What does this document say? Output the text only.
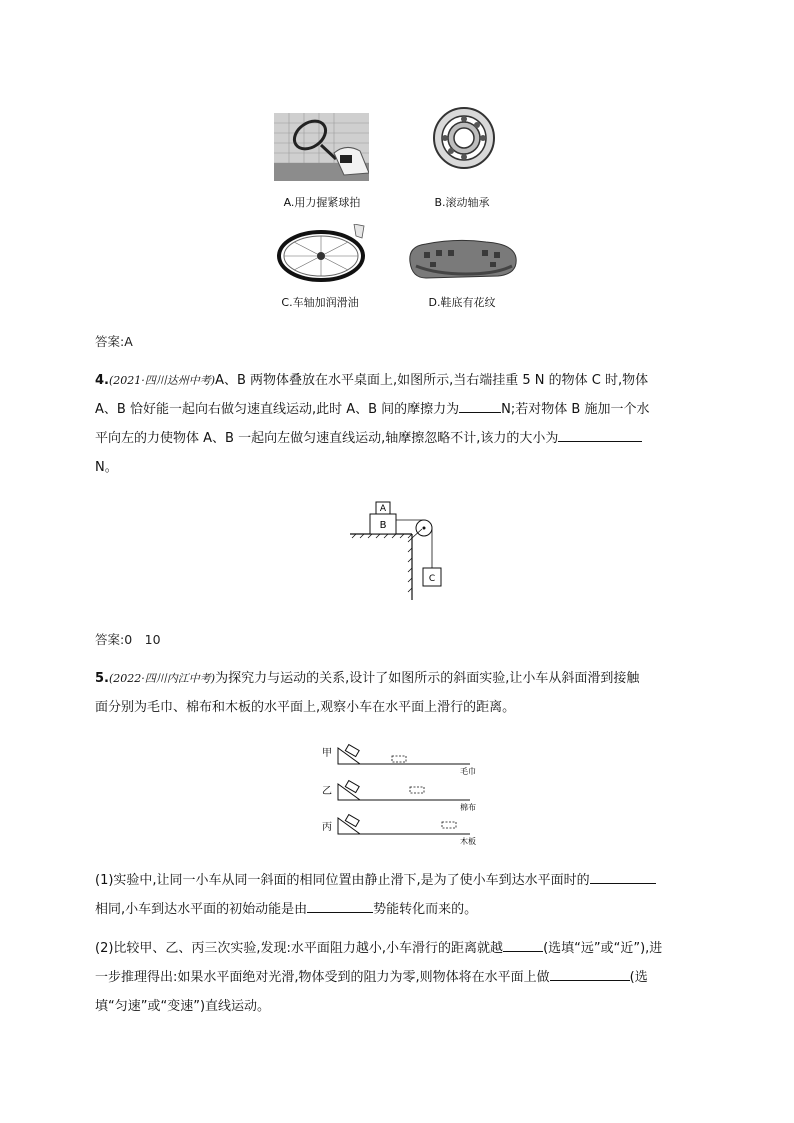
A.用力握紧球拍	B.滚动轴承
C.车轴加润滑油	D.鞋底有花纹
答案:A
4.(2021·四川达州中考)A、B 两物体叠放在水平桌面上,如图所示,当右端挂重 5 N 的物体 C 时,物体
A、B 恰好能一起向右做匀速直线运动,此时 A、B 间的摩擦力为	N;若对物体 B 施加一个水
平向左的力使物体 A、B 一起向左做匀速直线运动,轴摩擦忽略不计,该力的大小为
N。
B
A
C
答案:0　10
5.(2022·四川内江中考)为探究力与运动的关系,设计了如图所示的斜面实验,让小车从斜面滑到接触
面分别为毛巾、棉布和木板的水平面上,观察小车在水平面上滑行的距离。
甲
毛巾
乙
棉布
丙
木板
(1)实验中,让同一小车从同一斜面的相同位置由静止滑下,是为了使小车到达水平面时的
相同,小车到达水平面的初始动能是由	势能转化而来的。
(2)比较甲、乙、丙三次实验,发现:水平面阻力越小,小车滑行的距离就越	(选填“远”或“近”),进
一步推理得出:如果水平面绝对光滑,物体受到的阻力为零,则物体将在水平面上做	(选
填“匀速”或“变速”)直线运动。
